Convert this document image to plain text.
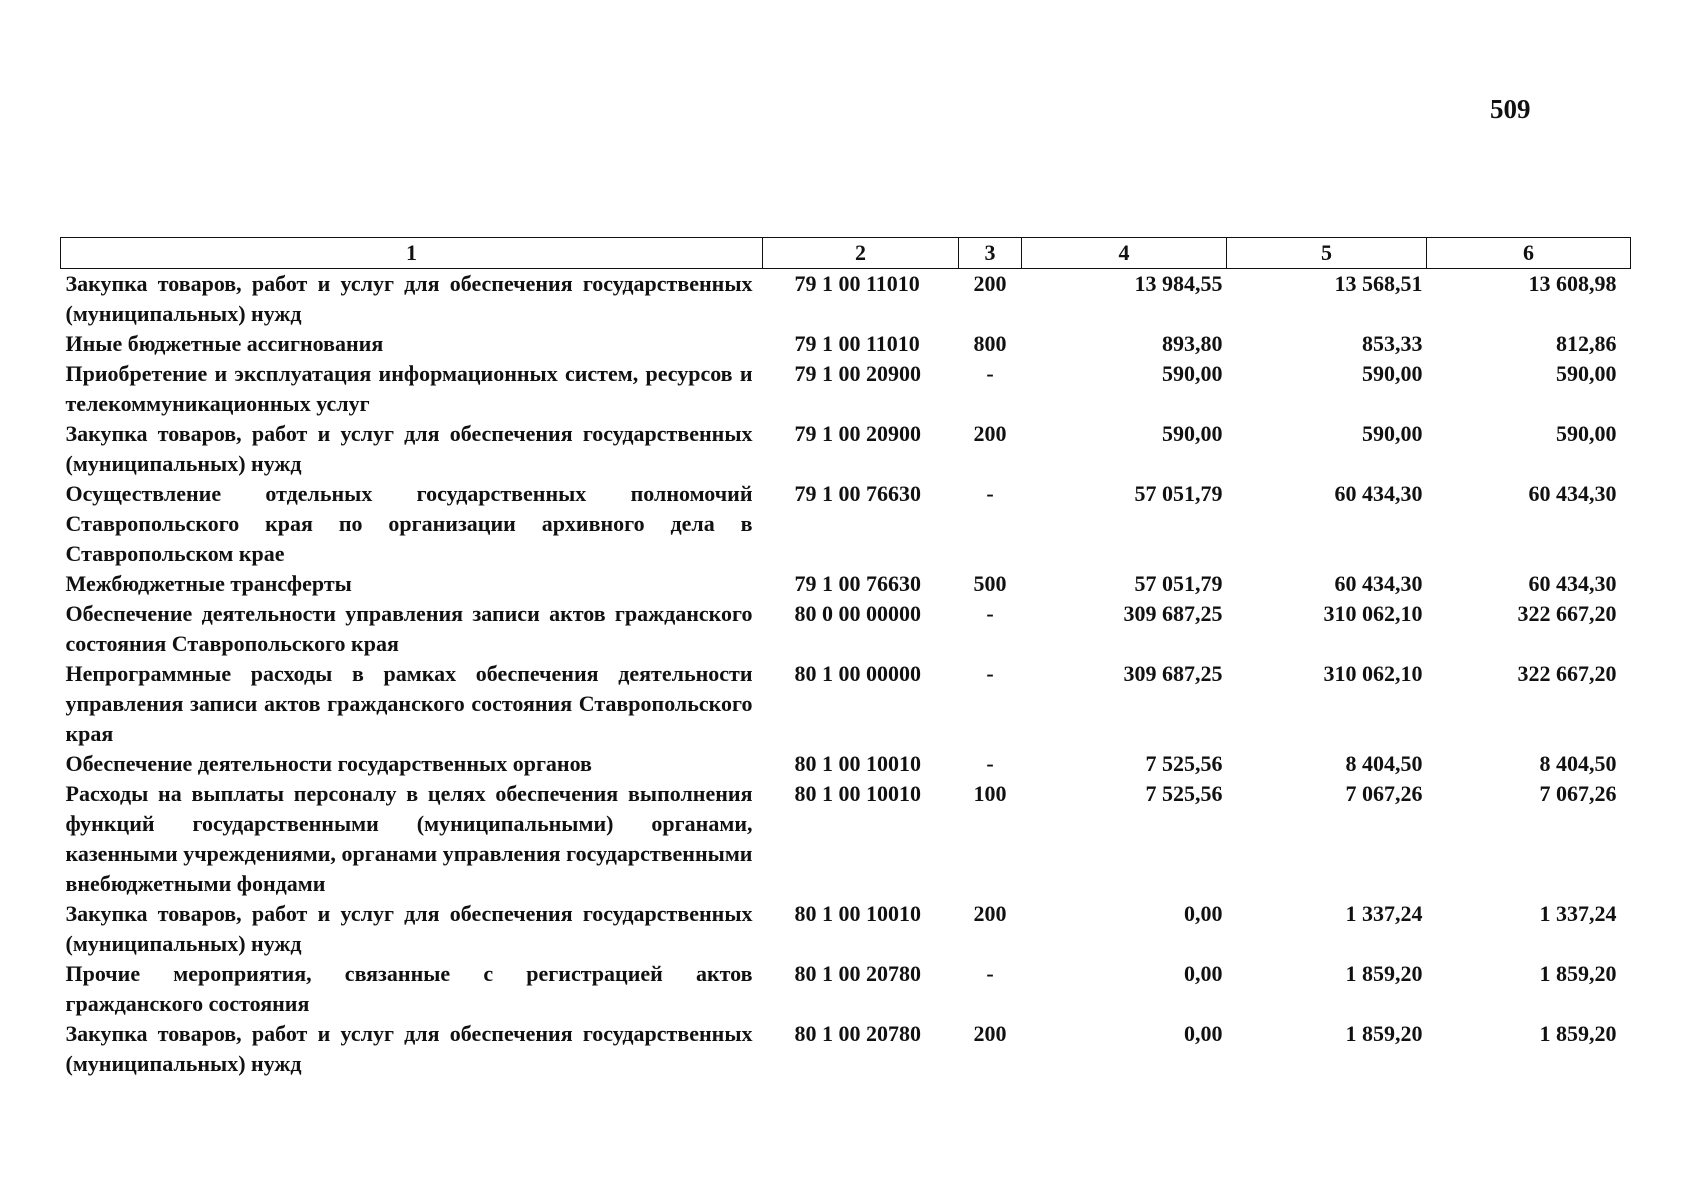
509
1	2	3	4	5	6
Закупка товаров, работ и услуг для обеспечения государственных (муниципальных) нужд	79 1 00 11010	200	13 984,55	13 568,51	13 608,98
Иные бюджетные ассигнования	79 1 00 11010	800	893,80	853,33	812,86
Приобретение и эксплуатация информационных систем, ресурсов и телекоммуникационных услуг	79 1 00 20900	-	590,00	590,00	590,00
Закупка товаров, работ и услуг для обеспечения государственных (муниципальных) нужд	79 1 00 20900	200	590,00	590,00	590,00
Осуществление отдельных государственных полномочий Ставропольского края по организации архивного дела в Ставропольском крае	79 1 00 76630	-	57 051,79	60 434,30	60 434,30
Межбюджетные трансферты	79 1 00 76630	500	57 051,79	60 434,30	60 434,30
Обеспечение деятельности управления записи актов гражданского состояния Ставропольского края	80 0 00 00000	-	309 687,25	310 062,10	322 667,20
Непрограммные расходы в рамках обеспечения деятельности управления записи актов гражданского состояния Ставропольского края	80 1 00 00000	-	309 687,25	310 062,10	322 667,20
Обеспечение деятельности государственных органов	80 1 00 10010	-	7 525,56	8 404,50	8 404,50
Расходы на выплаты персоналу в целях обеспечения выполнения функций государственными (муниципальными) органами, казенными учреждениями, органами управления государственными внебюджетными фондами	80 1 00 10010	100	7 525,56	7 067,26	7 067,26
Закупка товаров, работ и услуг для обеспечения государственных (муниципальных) нужд	80 1 00 10010	200	0,00	1 337,24	1 337,24
Прочие мероприятия, связанные с регистрацией актов гражданского состояния	80 1 00 20780	-	0,00	1 859,20	1 859,20
Закупка товаров, работ и услуг для обеспечения государственных (муниципальных) нужд	80 1 00 20780	200	0,00	1 859,20	1 859,20
